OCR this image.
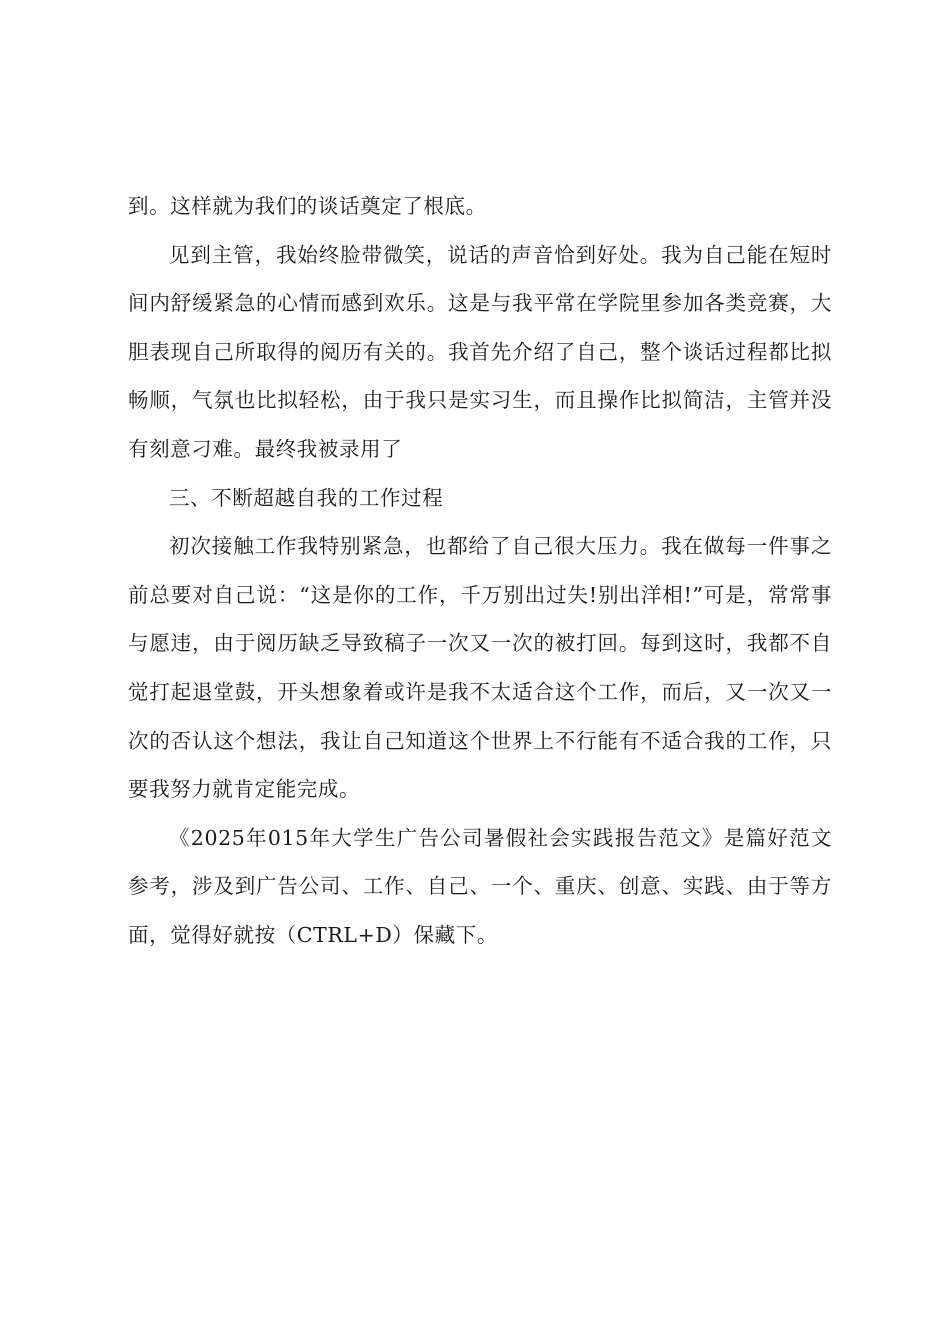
到。这样就为我们的谈话奠定了根底。

见到主管，我始终脸带微笑，说话的声音恰到好处。我为自己能在短时间内舒缓紧急的心情而感到欢乐。这是与我平常在学院里参加各类竞赛，大胆表现自己所取得的阅历有关的。我首先介绍了自己，整个谈话过程都比拟畅顺，气氛也比拟轻松，由于我只是实习生，而且操作比拟简洁，主管并没有刻意刁难。最终我被录用了

三、不断超越自我的工作过程

初次接触工作我特别紧急，也都给了自己很大压力。我在做每一件事之前总要对自己说：“这是你的工作，千万别出过失!别出洋相!”可是，常常事与愿违，由于阅历缺乏导致稿子一次又一次的被打回。每到这时，我都不自觉打起退堂鼓，开头想象着或许是我不太适合这个工作，而后，又一次又一次的否认这个想法，我让自己知道这个世界上不行能有不适合我的工作，只要我努力就肯定能完成。

《2025年015年大学生广告公司暑假社会实践报告范文》是篇好范文参考，涉及到广告公司、工作、自己、一个、重庆、创意、实践、由于等方面，觉得好就按（CTRL+D）保藏下。
